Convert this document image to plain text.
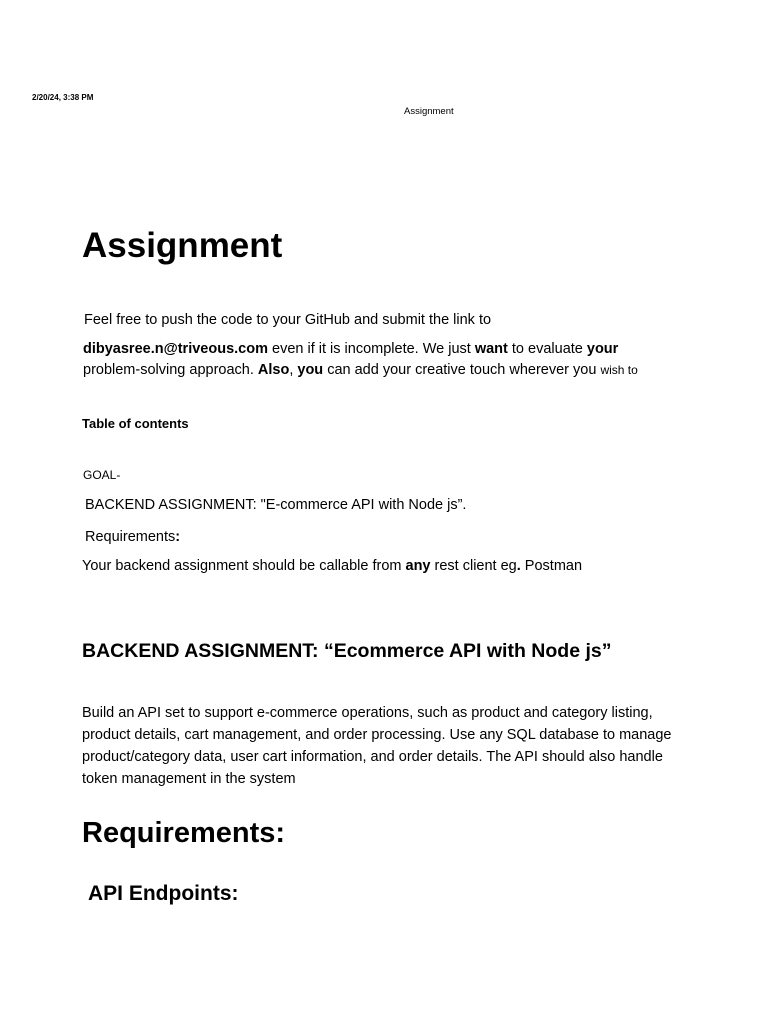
2/20/24, 3:38 PM
Assignment
Assignment

Feel free to push the code to your GitHub and submit the link to

dibyasree.n@triveous.com even if it is incomplete. We just want to evaluate your

problem-solving approach. Also, you can add your creative touch wherever you wish to

Table of contents

GOAL-

BACKEND ASSIGNMENT: "E-commerce API with Node js”.

Requirements:

Your backend assignment should be callable from any rest client eg. Postman

BACKEND ASSIGNMENT: “Ecommerce API with Node js”

Build an API set to support e-commerce operations, such as product and category listing, product details, cart management, and order processing. Use any SQL database to manage product/category data, user cart information, and order details. The API should also handle token management in the system

Requirements:
API Endpoints:
